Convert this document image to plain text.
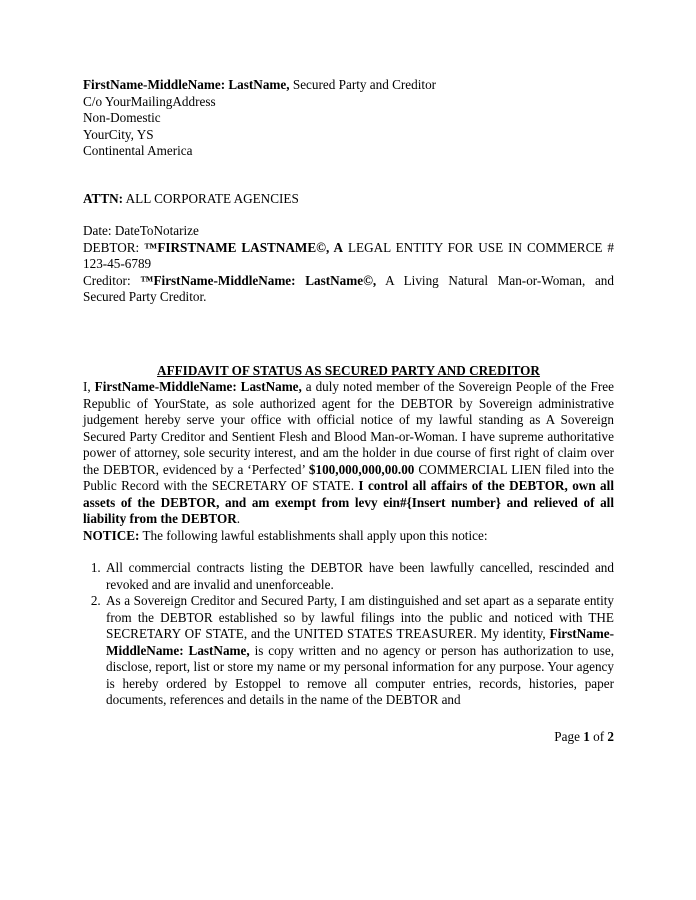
FirstName-MiddleName: LastName, Secured Party and Creditor
C/o YourMailingAddress
Non-Domestic
YourCity, YS
Continental America
ATTN: ALL CORPORATE AGENCIES
Date: DateToNotarize

DEBTOR: ™FIRSTNAME LASTNAME©, A LEGAL ENTITY FOR USE IN COMMERCE # 123-45-6789

Creditor: ™FirstName-MiddleName: LastName©, A Living Natural Man-or-Woman, and Secured Party Creditor.

AFFIDAVIT OF STATUS AS SECURED PARTY AND CREDITOR

I, FirstName-MiddleName: LastName, a duly noted member of the Sovereign People of the Free Republic of YourState, as sole authorized agent for the DEBTOR by Sovereign administrative judgement hereby serve your office with official notice of my lawful standing as A Sovereign Secured Party Creditor and Sentient Flesh and Blood Man-or-Woman. I have supreme authoritative power of attorney, sole security interest, and am the holder in due course of first right of claim over the DEBTOR, evidenced by a ‘Perfected’ $100,000,000,00.00 COMMERCIAL LIEN filed into the Public Record with the SECRETARY OF STATE. I control all affairs of the DEBTOR, own all assets of the DEBTOR, and am exempt from levy ein#{Insert number} and relieved of all liability from the DEBTOR.

NOTICE: The following lawful establishments shall apply upon this notice:

1. All commercial contracts listing the DEBTOR have been lawfully cancelled, rescinded and revoked and are invalid and unenforceable.
2. As a Sovereign Creditor and Secured Party, I am distinguished and set apart as a separate entity from the DEBTOR established so by lawful filings into the public and noticed with THE SECRETARY OF STATE, and the UNITED STATES TREASURER. My identity, FirstName-MiddleName: LastName, is copy written and no agency or person has authorization to use, disclose, report, list or store my name or my personal information for any purpose. Your agency is hereby ordered by Estoppel to remove all computer entries, records, histories, paper documents, references and details in the name of the DEBTOR and
Page 1 of 2
